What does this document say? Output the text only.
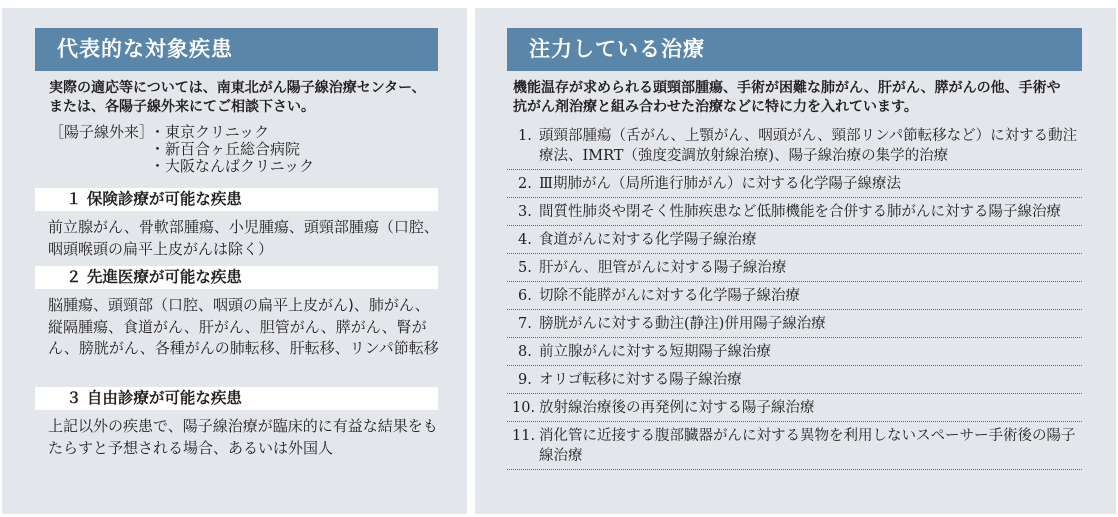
代表的な対象疾患
実際の適応等については、南東北がん陽子線治療センター、
または、各陽子線外来にてご相談下さい。
［陽子線外来］
・東京クリニック
・新百合ヶ丘総合病院
・大阪なんばクリニック
１ 保険診療が可能な疾患

前立腺がん、骨軟部腫瘍、小児腫瘍、頭頸部腫瘍（口腔、咽頭喉頭の扁平上皮がんは除く）

２ 先進医療が可能な疾患

脳腫瘍、頭頸部（口腔、咽頭の扁平上皮がん)、肺がん、縦隔腫瘍、食道がん、肝がん、胆管がん、膵がん、腎がん、膀胱がん、各種がんの肺転移、肝転移、リンパ節転移

３ 自由診療が可能な疾患

上記以外の疾患で、陽子線治療が臨床的に有益な結果をもたらすと予想される場合、あるいは外国人

注力している治療
機能温存が求められる頭頸部腫瘍、手術が困難な肺がん、肝がん、膵がんの他、手術や
抗がん剤治療と組み合わせた治療などに特に力を入れています。
1. 頭頸部腫瘍（舌がん、上顎がん、咽頭がん、頸部リンパ節転移など）に対する動注療法、IMRT（強度変調放射線治療)、陽子線治療の集学的治療
2. Ⅲ期肺がん（局所進行肺がん）に対する化学陽子線療法
3. 間質性肺炎や閉そく性肺疾患など低肺機能を合併する肺がんに対する陽子線治療
4. 食道がんに対する化学陽子線治療
5. 肝がん、胆管がんに対する陽子線治療
6. 切除不能膵がんに対する化学陽子線治療
7. 膀胱がんに対する動注(静注)併用陽子線治療
8. 前立腺がんに対する短期陽子線治療
9. オリゴ転移に対する陽子線治療
10. 放射線治療後の再発例に対する陽子線治療
11. 消化管に近接する腹部臓器がんに対する異物を利用しないスペーサー手術後の陽子線治療
